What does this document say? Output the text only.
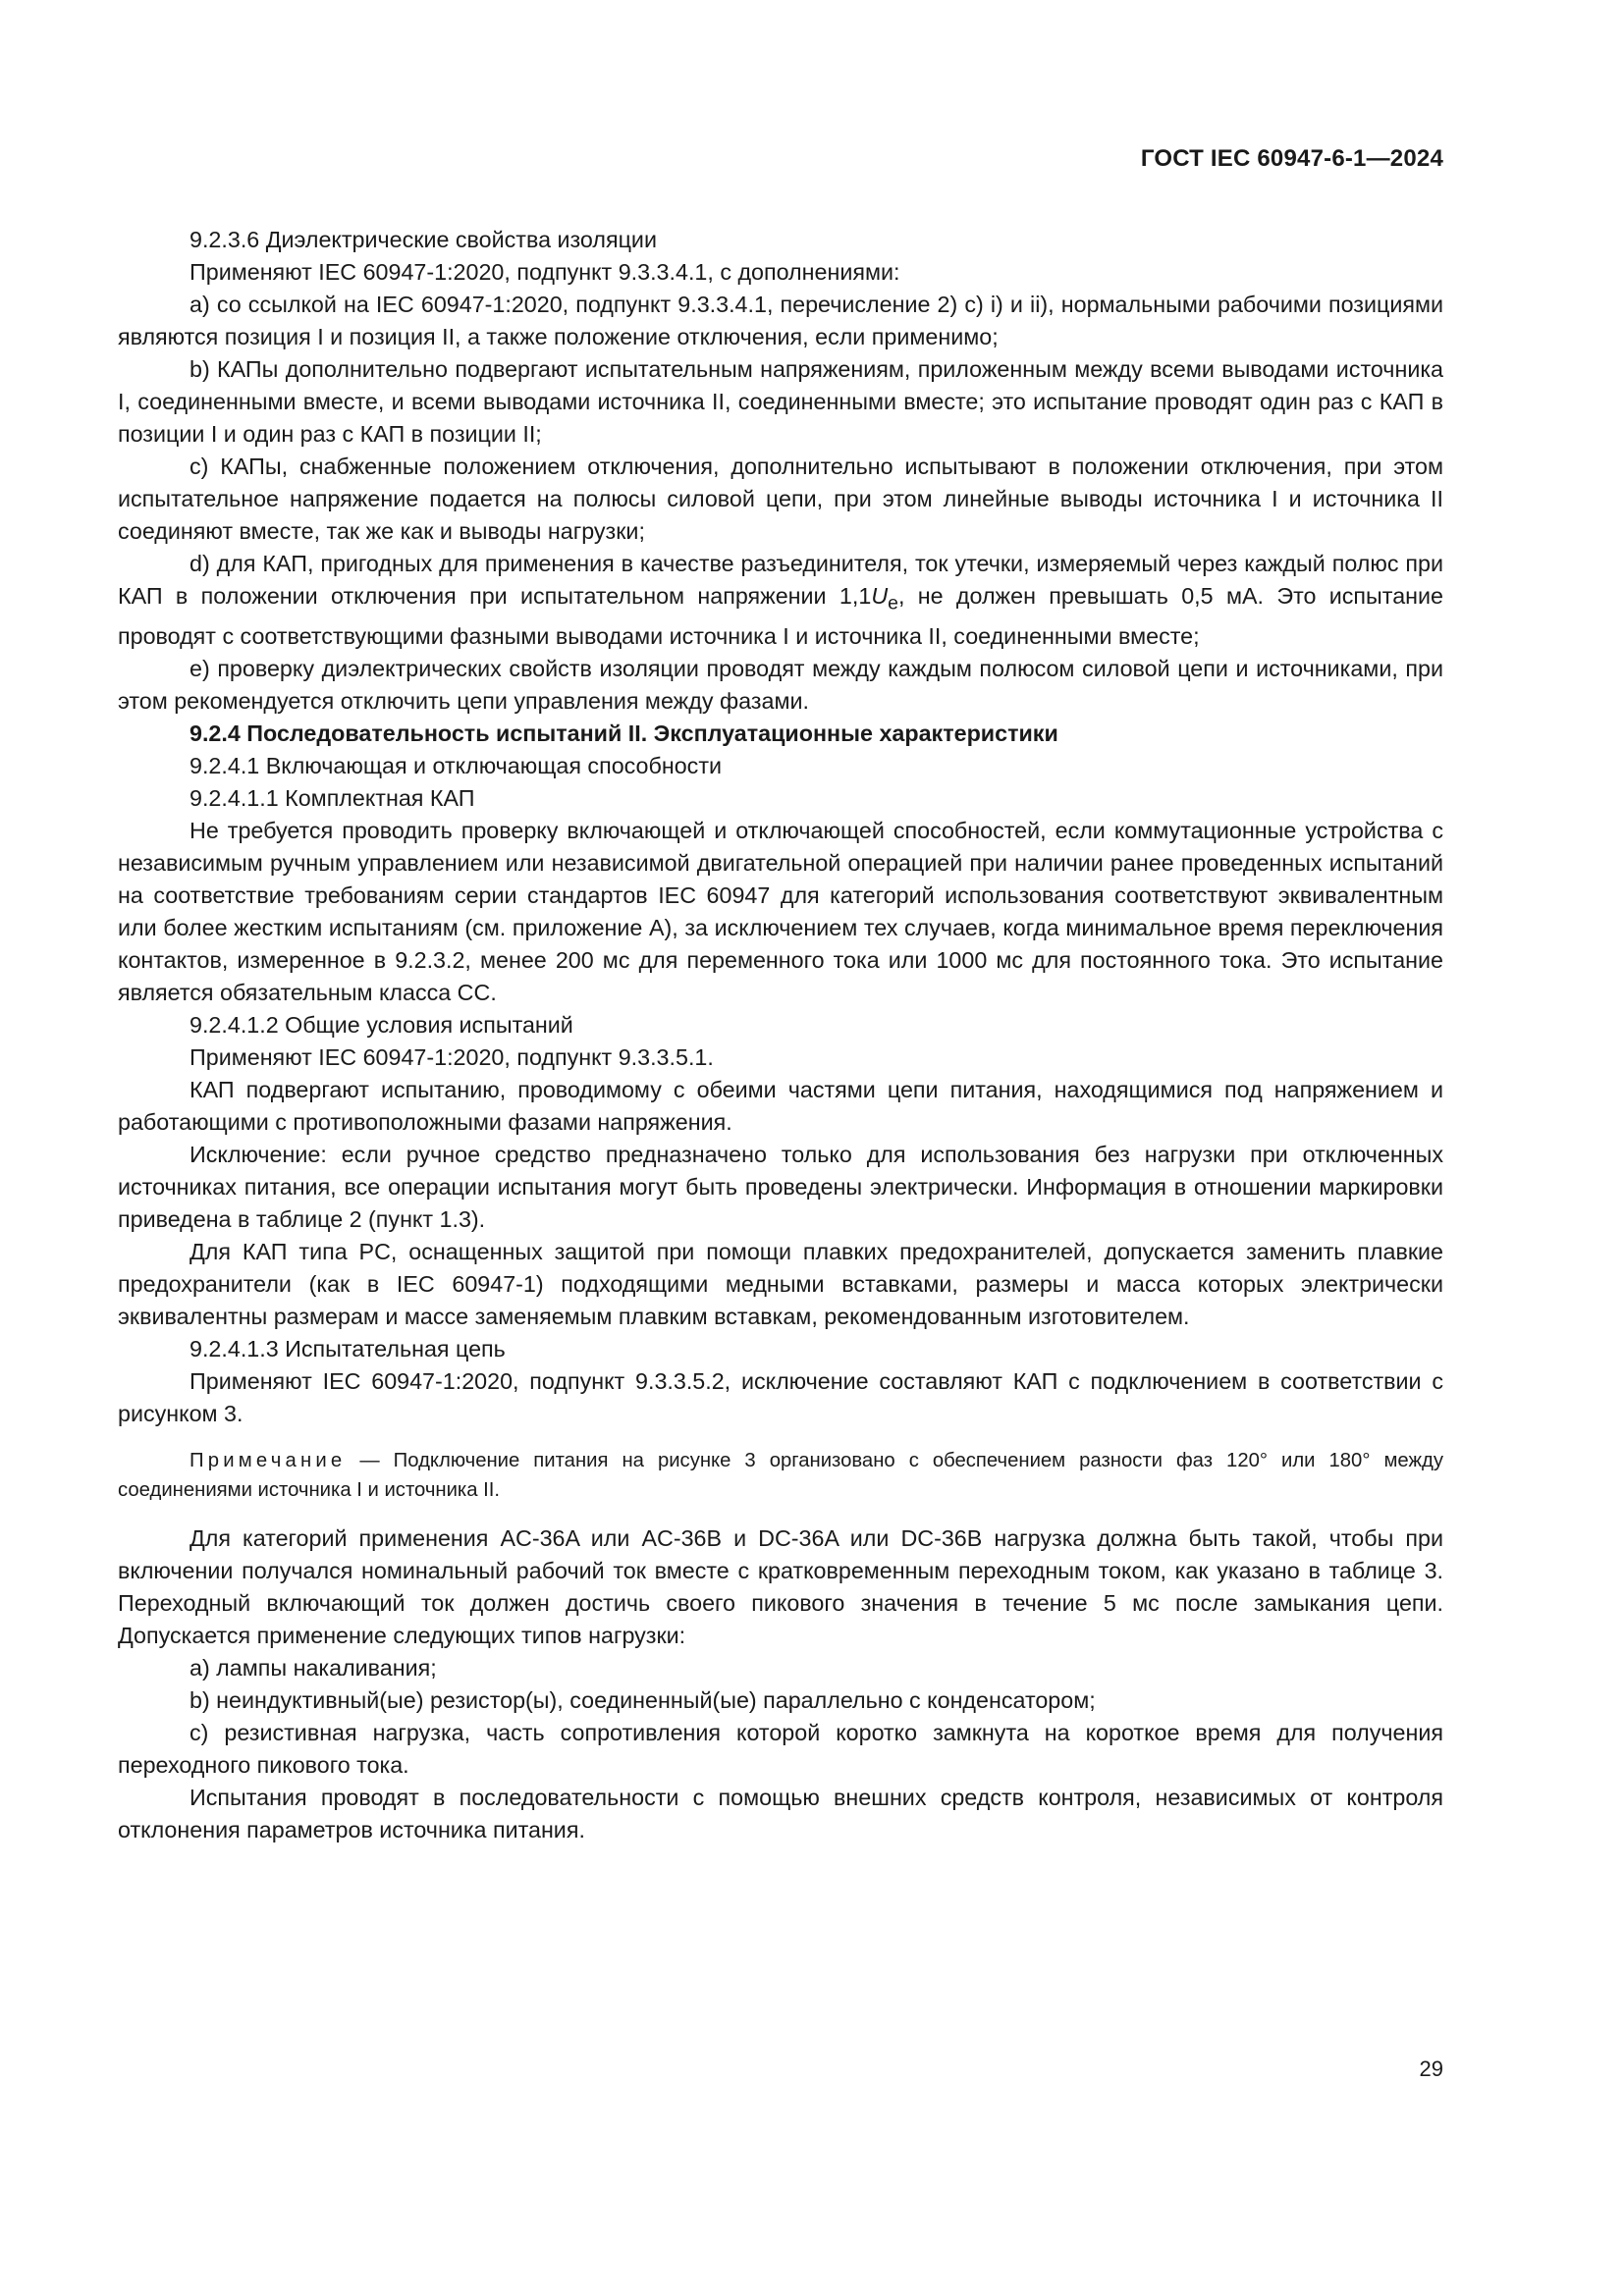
ГОСТ IEC 60947-6-1—2024

9.2.3.6 Диэлектрические свойства изоляции

Применяют IEC 60947-1:2020, подпункт 9.3.3.4.1, с дополнениями:

a) со ссылкой на IEC 60947-1:2020, подпункт 9.3.3.4.1, перечисление 2) c) i) и ii), нормальными рабочими позициями являются позиция I и позиция II, а также положение отключения, если применимо;

b) КАПы дополнительно подвергают испытательным напряжениям, приложенным между всеми выводами источника I, соединенными вместе, и всеми выводами источника II, соединенными вместе; это испытание проводят один раз с КАП в позиции I и один раз с КАП в позиции II;

c) КАПы, снабженные положением отключения, дополнительно испытывают в положении отключения, при этом испытательное напряжение подается на полюсы силовой цепи, при этом линейные выводы источника I и источника II соединяют вместе, так же как и выводы нагрузки;

d) для КАП, пригодных для применения в качестве разъединителя, ток утечки, измеряемый через каждый полюс при КАП в положении отключения при испытательном напряжении $1,1U_e$, не должен превышать 0,5 мА. Это испытание проводят с соответствующими фазными выводами источника I и источника II, соединенными вместе;

e) проверку диэлектрических свойств изоляции проводят между каждым полюсом силовой цепи и источниками, при этом рекомендуется отключить цепи управления между фазами.

9.2.4 Последовательность испытаний II. Эксплуатационные характеристики

9.2.4.1 Включающая и отключающая способности

9.2.4.1.1 Комплектная КАП

Не требуется проводить проверку включающей и отключающей способностей, если коммутационные устройства с независимым ручным управлением или независимой двигательной операцией при наличии ранее проведенных испытаний на соответствие требованиям серии стандартов IEC 60947 для категорий использования соответствуют эквивалентным или более жестким испытаниям (см. приложение A), за исключением тех случаев, когда минимальное время переключения контактов, измеренное в 9.2.3.2, менее 200 мс для переменного тока или 1000 мс для постоянного тока. Это испытание является обязательным класса СС.

9.2.4.1.2 Общие условия испытаний

Применяют IEC 60947-1:2020, подпункт 9.3.3.5.1.

КАП подвергают испытанию, проводимому с обеими частями цепи питания, находящимися под напряжением и работающими с противоположными фазами напряжения.

Исключение: если ручное средство предназначено только для использования без нагрузки при отключенных источниках питания, все операции испытания могут быть проведены электрически. Информация в отношении маркировки приведена в таблице 2 (пункт 1.3).

Для КАП типа PC, оснащенных защитой при помощи плавких предохранителей, допускается заменить плавкие предохранители (как в IEC 60947-1) подходящими медными вставками, размеры и масса которых электрически эквивалентны размерам и массе заменяемым плавким вставкам, рекомендованным изготовителем.

9.2.4.1.3 Испытательная цепь

Применяют IEC 60947-1:2020, подпункт 9.3.3.5.2, исключение составляют КАП с подключением в соответствии с рисунком 3.

Примечание — Подключение питания на рисунке 3 организовано с обеспечением разности фаз 120° или 180° между соединениями источника I и источника II.

Для категорий применения AC-36A или AC-36B и DC-36A или DC-36B нагрузка должна быть такой, чтобы при включении получался номинальный рабочий ток вместе с кратковременным переходным током, как указано в таблице 3. Переходный включающий ток должен достичь своего пикового значения в течение 5 мс после замыкания цепи. Допускается применение следующих типов нагрузки:

a) лампы накаливания;

b) неиндуктивный(ые) резистор(ы), соединенный(ые) параллельно с конденсатором;

c) резистивная нагрузка, часть сопротивления которой коротко замкнута на короткое время для получения переходного пикового тока.

Испытания проводят в последовательности с помощью внешних средств контроля, независимых от контроля отклонения параметров источника питания.

29
